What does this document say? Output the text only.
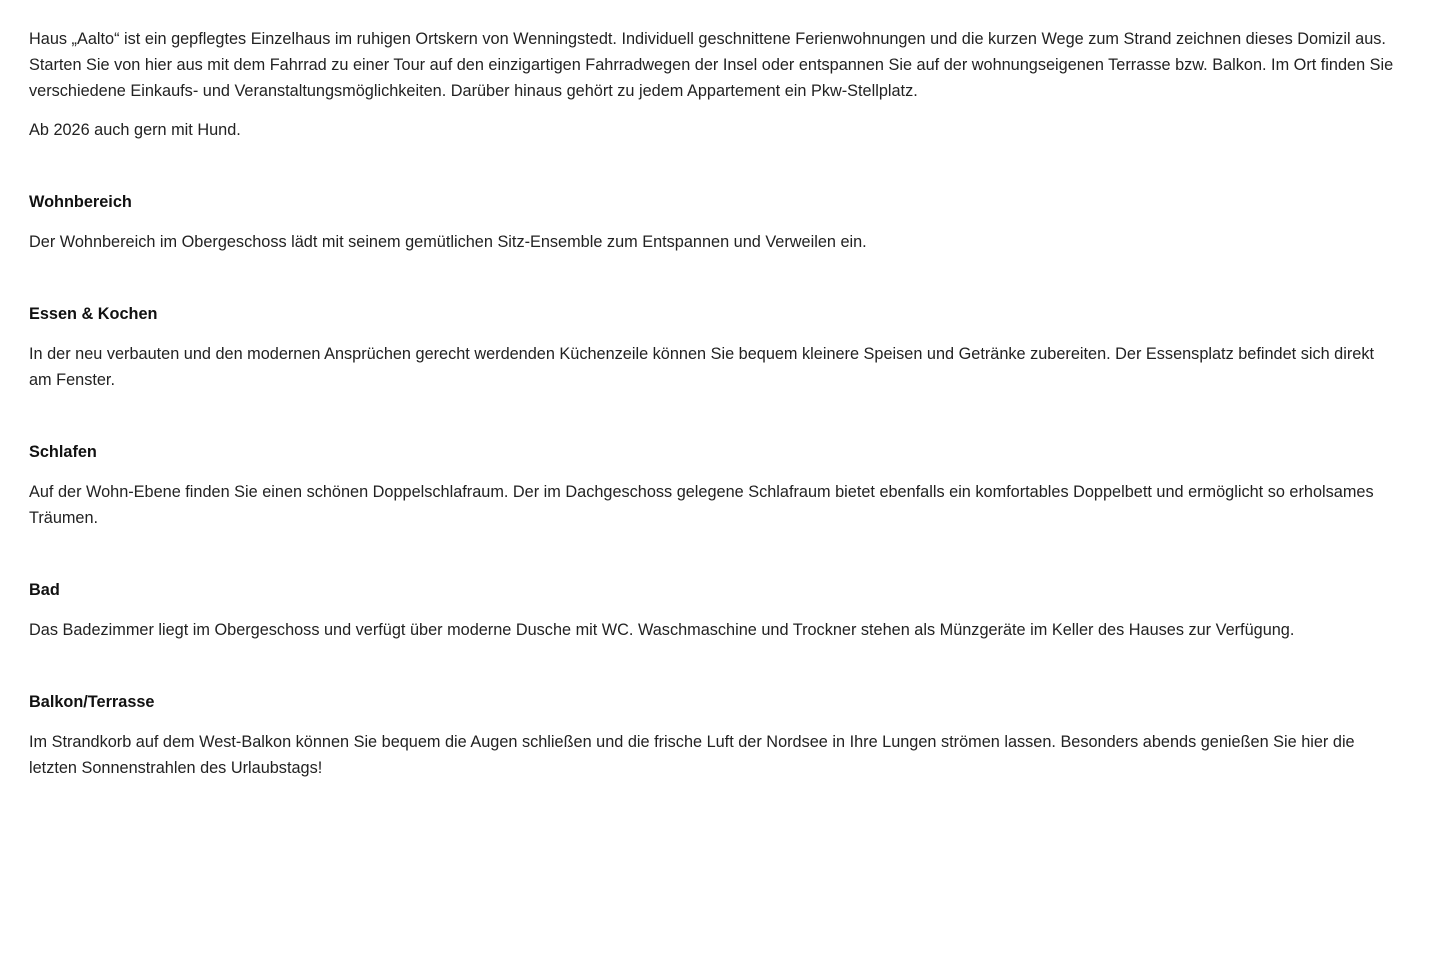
Haus „Aalto“ ist ein gepflegtes Einzelhaus im ruhigen Ortskern von Wenningstedt. Individuell geschnittene Ferienwohnungen und die kurzen Wege zum Strand zeichnen dieses Domizil aus. Starten Sie von hier aus mit dem Fahrrad zu einer Tour auf den einzigartigen Fahrradwegen der Insel oder entspannen Sie auf der wohnungseigenen Terrasse bzw. Balkon. Im Ort finden Sie verschiedene Einkaufs- und Veranstaltungsmöglichkeiten. Darüber hinaus gehört zu jedem Appartement ein Pkw-Stellplatz.

Ab 2026 auch gern mit Hund.

Wohnbereich

Der Wohnbereich im Obergeschoss lädt mit seinem gemütlichen Sitz-Ensemble zum Entspannen und Verweilen ein.

Essen & Kochen

In der neu verbauten und den modernen Ansprüchen gerecht werdenden Küchenzeile können Sie bequem kleinere Speisen und Getränke zubereiten. Der Essensplatz befindet sich direkt am Fenster.

Schlafen

Auf der Wohn-Ebene finden Sie einen schönen Doppelschlafraum. Der im Dachgeschoss gelegene Schlafraum bietet ebenfalls ein komfortables Doppelbett und ermöglicht so erholsames Träumen.

Bad

Das Badezimmer liegt im Obergeschoss und verfügt über moderne Dusche mit WC. Waschmaschine und Trockner stehen als Münzgeräte im Keller des Hauses zur Verfügung.

Balkon/Terrasse

Im Strandkorb auf dem West-Balkon können Sie bequem die Augen schließen und die frische Luft der Nordsee in Ihre Lungen strömen lassen. Besonders abends genießen Sie hier die letzten Sonnenstrahlen des Urlaubstags!
